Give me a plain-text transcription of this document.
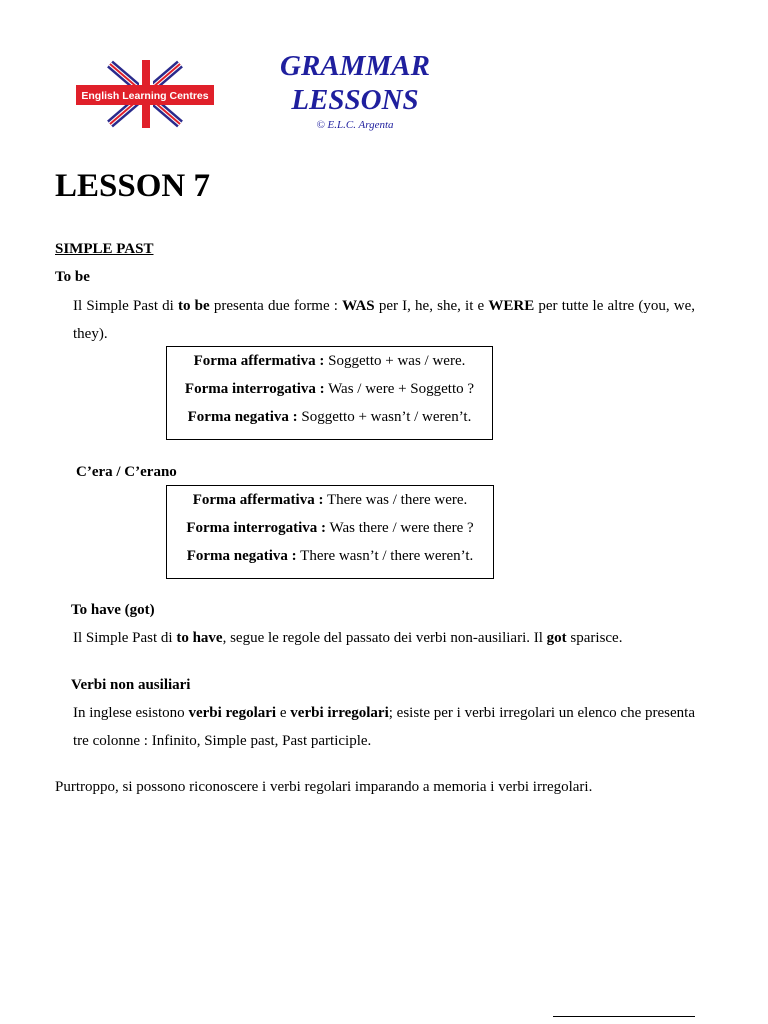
English Learning Centres
GRAMMAR
LESSONS
© E.L.C. Argenta
LESSON 7
SIMPLE PAST
To be
Il Simple Past di to be presenta due forme : WAS per I, he, she, it e WERE per tutte le altre (you, we, they).
Forma affermativa : Soggetto + was / were.
Forma interrogativa : Was / were + Soggetto ?
Forma negativa : Soggetto + wasn’t / weren’t.
C’era / C’erano
Forma affermativa : There was / there were.
Forma interrogativa : Was there / were there ?
Forma negativa : There wasn’t / there weren’t.
To have (got)
Il Simple Past di to have, segue le regole del passato dei verbi non-ausiliari. Il got sparisce.
Verbi non ausiliari
In inglese esistono verbi regolari e verbi irregolari; esiste per i verbi irregolari un elenco che presenta tre colonne : Infinito, Simple past, Past participle.
Purtroppo, si possono riconoscere i verbi regolari imparando a memoria i verbi irregolari.
